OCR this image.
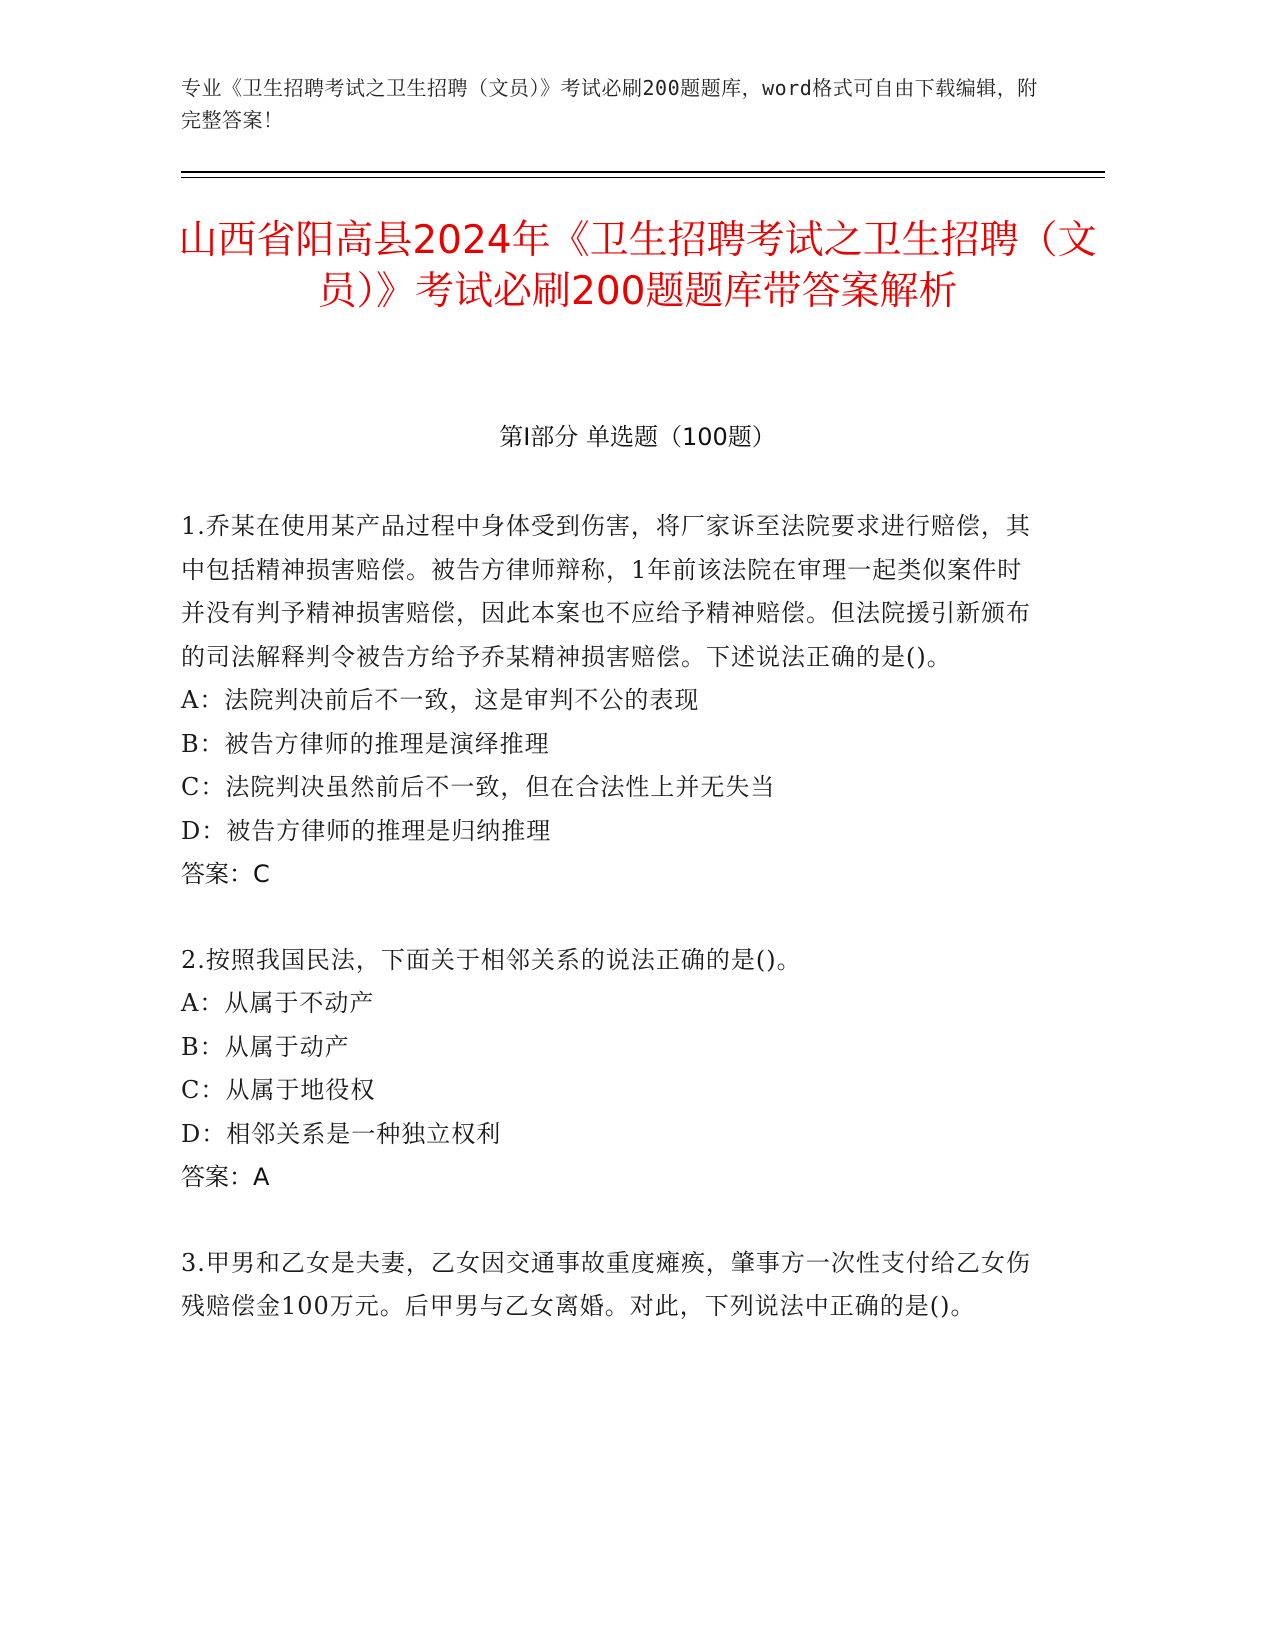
专业《卫生招聘考试之卫生招聘（文员）》考试必刷200题题库，word格式可自由下载编辑，附完整答案！
山西省阳高县2024年《卫生招聘考试之卫生招聘（文员）》考试必刷200题题库带答案解析
第Ⅰ部分 单选题（100题）
1.乔某在使用某产品过程中身体受到伤害，将厂家诉至法院要求进行赔偿，其中包括精神损害赔偿。被告方律师辩称，1年前该法院在审理一起类似案件时并没有判予精神损害赔偿，因此本案也不应给予精神赔偿。但法院援引新颁布的司法解释判令被告方给予乔某精神损害赔偿。下述说法正确的是()。
A：法院判决前后不一致，这是审判不公的表现
B：被告方律师的推理是演绎推理
C：法院判决虽然前后不一致，但在合法性上并无失当
D：被告方律师的推理是归纳推理
答案：C
2.按照我国民法，下面关于相邻关系的说法正确的是()。
A：从属于不动产
B：从属于动产
C：从属于地役权
D：相邻关系是一种独立权利
答案：A
3.甲男和乙女是夫妻，乙女因交通事故重度瘫痪，肇事方一次性支付给乙女伤残赔偿金100万元。后甲男与乙女离婚。对此，下列说法中正确的是()。
